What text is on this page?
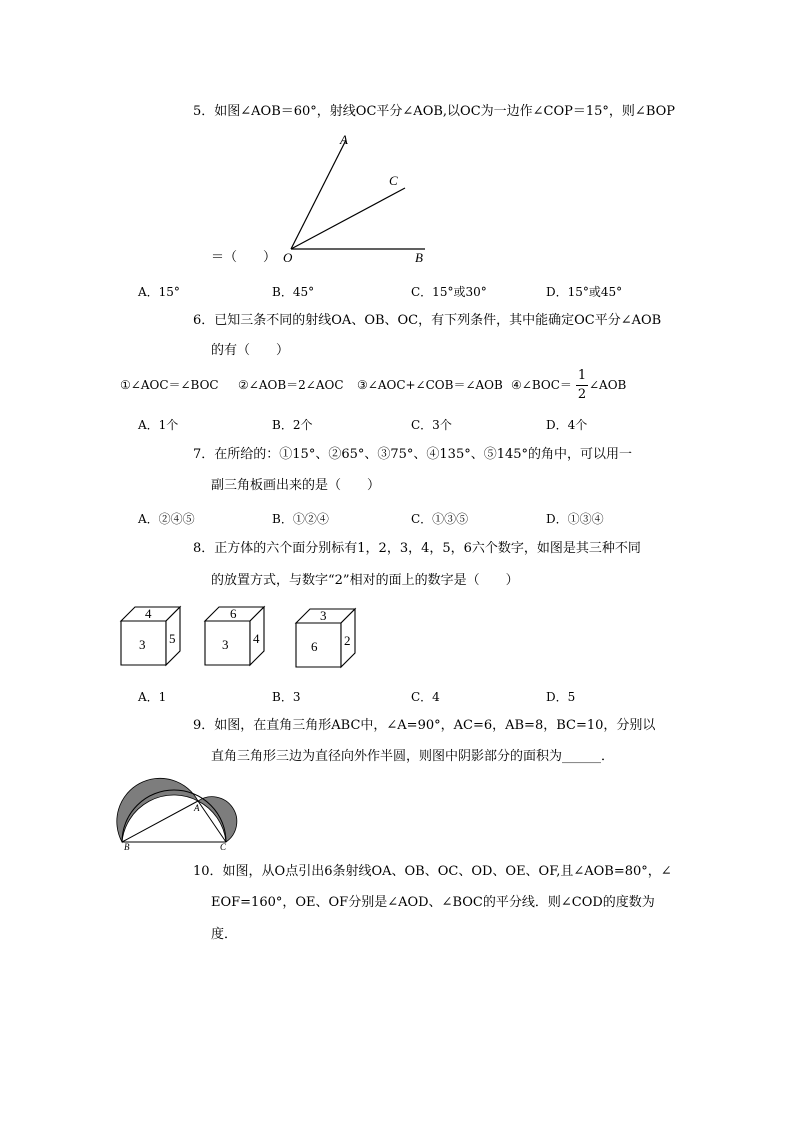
5．如图∠AOB＝60°，射线OC平分∠AOB,以OC为一边作∠COP＝15°，则∠BOP
A
C
O	B
＝（　　）
A．15°	B．45°	C．15°或30°	D．15°或45°
6．已知三条不同的射线OA、OB、OC，有下列条件，其中能确定OC平分∠AOB
的有（　　）
①∠AOC＝∠BOC ②∠AOB＝2∠AOC ③∠AOC+∠COB＝∠AOB ④∠BOC＝
1
2
∠AOB
A．1个	B．2个	C．3个	D．4个
7．在所给的：①15°、②65°、③75°、④135°、⑤145°的角中，可以用一
副三角板画出来的是（　　）
A．②④⑤	B．①②④	C．①③⑤	D．①③④
8．正方体的六个面分别标有1，2，3，4，5，6六个数字，如图是其三种不同
的放置方式，与数字“2”相对的面上的数字是（　　）
4
3 5
6
3 4
3
6 2
A．1	B．3	C．4	D．5
9．如图，在直角三角形ABC中，∠A=90°，AC=6，AB=8，BC=10，分别以
直角三角形三边为直径向外作半圆，则图中阴影部分的面积为______．
A
B	C
10．如图，从O点引出6条射线OA、OB、OC、OD、OE、OF,且∠AOB=80°，∠
EOF=160°，OE、OF分别是∠AOD、∠BOC的平分线．则∠COD的度数为
度．
